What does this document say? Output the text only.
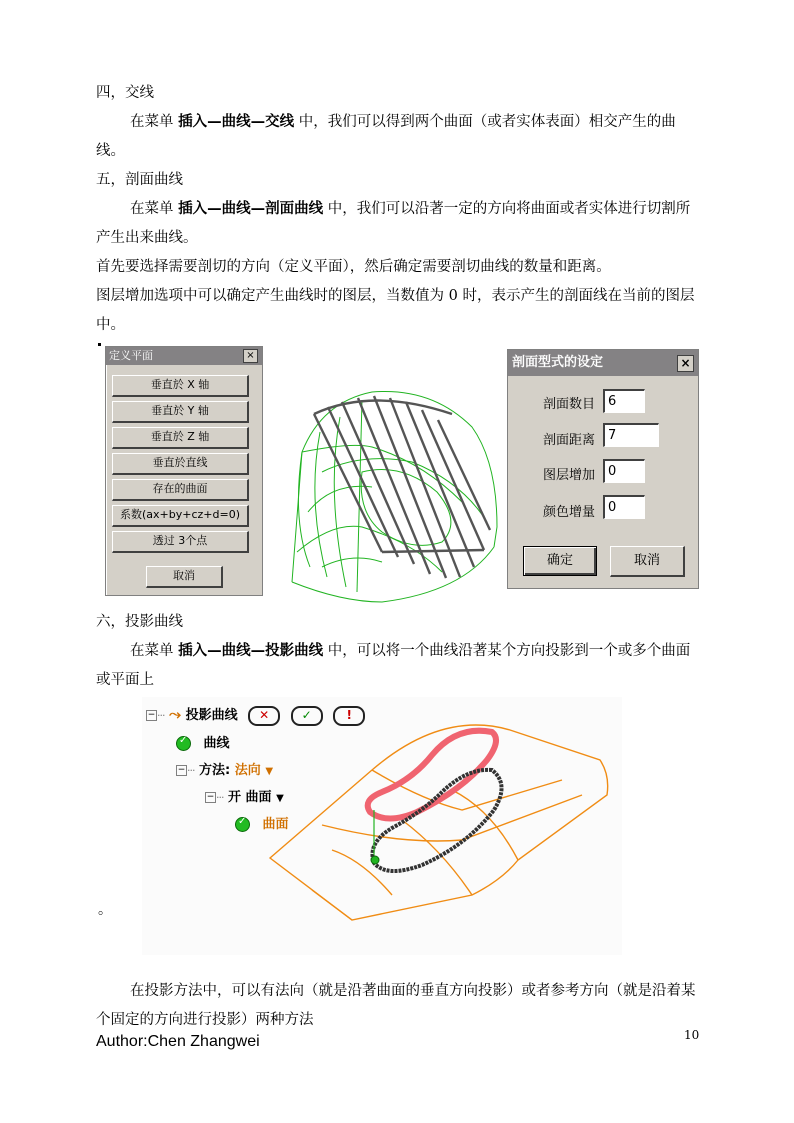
四，交线
在菜单 插入—曲线—交线 中，我们可以得到两个曲面（或者实体表面）相交产生的曲线。
五，剖面曲线
在菜单 插入—曲线—剖面曲线 中，我们可以沿著一定的方向将曲面或者实体进行切割所产生出来曲线。
首先要选择需要剖切的方向（定义平面），然后确定需要剖切曲线的数量和距离。
图层增加选项中可以确定产生曲线时的图层，当数值为 0 时，表示产生的剖面线在当前的图层中。
定义平面	×
垂直於 X 轴
垂直於 Y 轴
垂直於 Z 轴
垂直於直线
存在的曲面
系数(ax+by+cz+d=0)
透过 3个点
取消
剖面型式的设定	×
剖面数目 6
剖面距离 7
图层增加 0
颜色增量 0
确定	取消
六，投影曲线
在菜单 插入—曲线—投影曲线 中，可以将一个曲线沿著某个方向投影到一个或多个曲面或平面上
− ··· ⤳ 投影曲线 ✕	✓	!
✓ 曲线
− ··· 方法: 法向 ▼
− ··· 开 曲面 ▼
✓ 曲面
。
在投影方法中，可以有法向（就是沿著曲面的垂直方向投影）或者参考方向（就是沿着某个固定的方向进行投影）两种方法
10
Author:Chen Zhangwei
